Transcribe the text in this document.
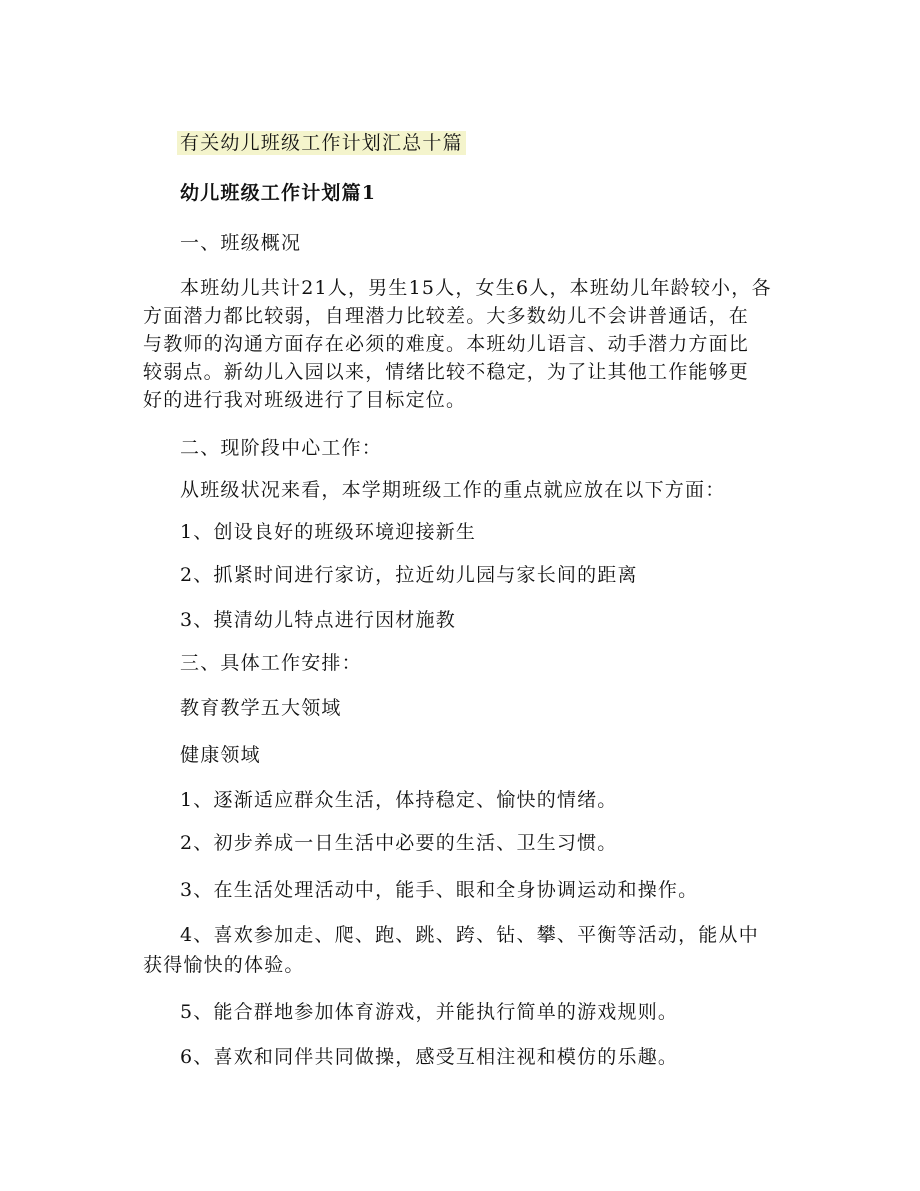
有关幼儿班级工作计划汇总十篇
幼儿班级工作计划篇1
一、班级概况
本班幼儿共计21人，男生15人，女生6人，本班幼儿年龄较小，各
方面潜力都比较弱，自理潜力比较差。大多数幼儿不会讲普通话，在
与教师的沟通方面存在必须的难度。本班幼儿语言、动手潜力方面比
较弱点。新幼儿入园以来，情绪比较不稳定，为了让其他工作能够更
好的进行我对班级进行了目标定位。
二、现阶段中心工作：
从班级状况来看，本学期班级工作的重点就应放在以下方面：
1、创设良好的班级环境迎接新生
2、抓紧时间进行家访，拉近幼儿园与家长间的距离
3、摸清幼儿特点进行因材施教
三、具体工作安排：
教育教学五大领域
健康领域
1、逐渐适应群众生活，体持稳定、愉快的情绪。
2、初步养成一日生活中必要的生活、卫生习惯。
3、在生活处理活动中，能手、眼和全身协调运动和操作。
4、喜欢参加走、爬、跑、跳、跨、钻、攀、平衡等活动，能从中
获得愉快的体验。
5、能合群地参加体育游戏，并能执行简单的游戏规则。
6、喜欢和同伴共同做操，感受互相注视和模仿的乐趣。
